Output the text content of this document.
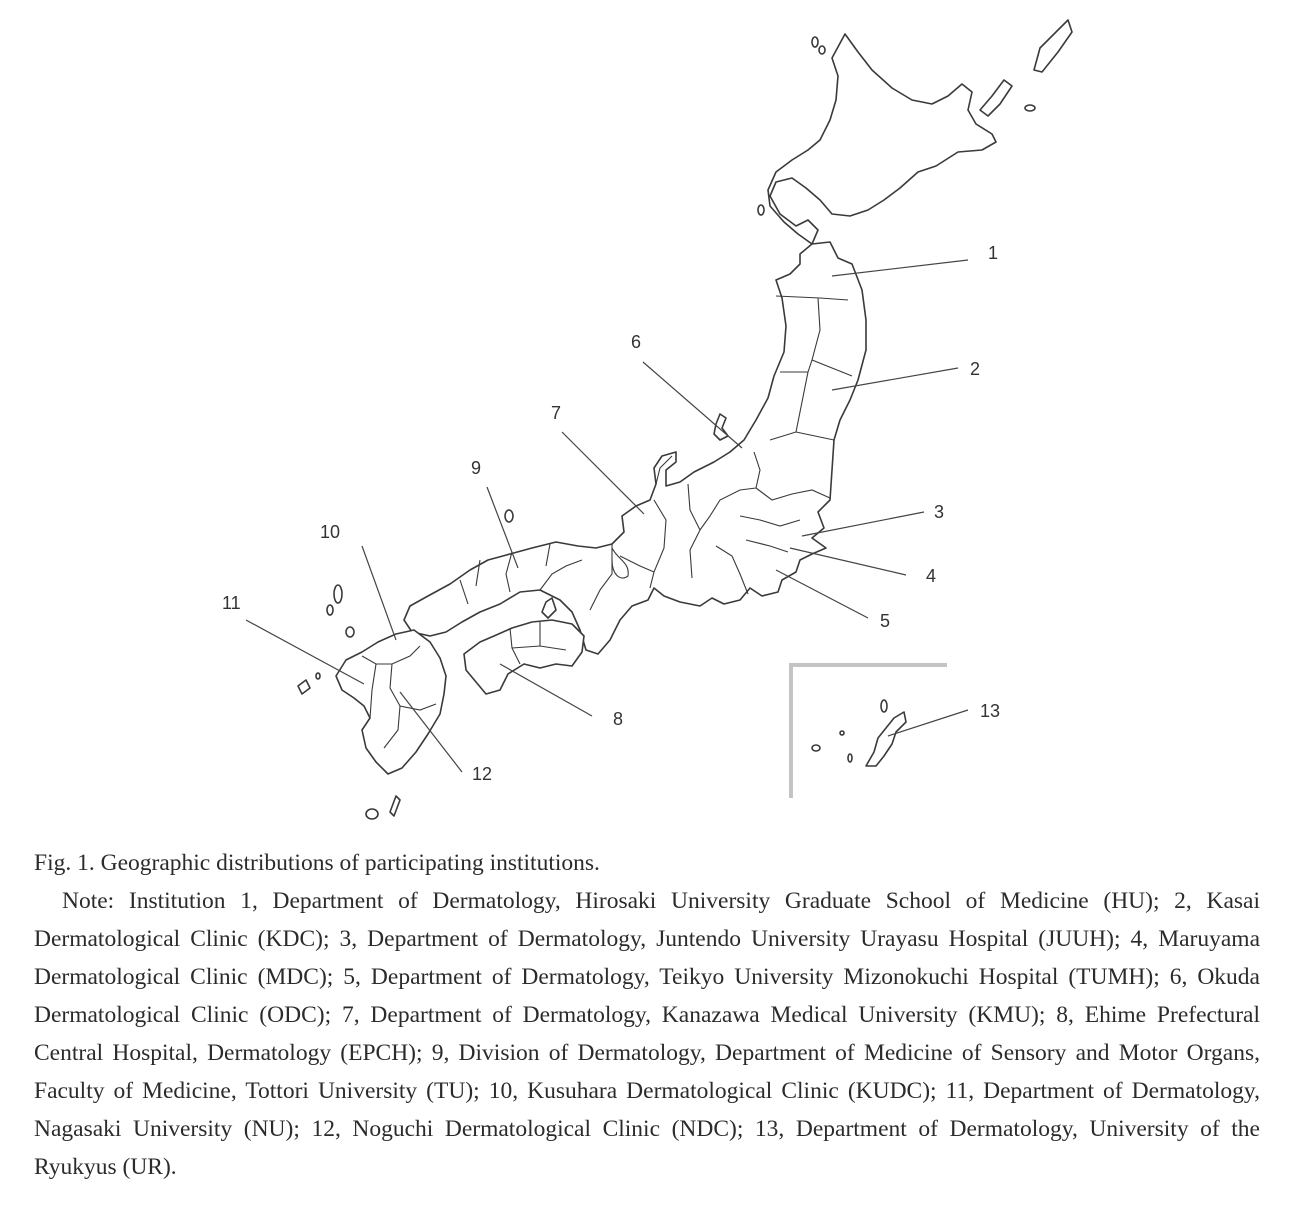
1
2
3
4
5
6
7
8
9
10
11
12
13

Fig. 1. Geographic distributions of participating institutions.

Note: Institution 1, Department of Dermatology, Hirosaki University Graduate School of Medicine (HU); 2, Kasai Dermatological Clinic (KDC); 3, Department of Dermatology, Juntendo University Urayasu Hospital (JUUH); 4, Maruyama Dermatological Clinic (MDC); 5, Department of Dermatology, Teikyo University Mizonokuchi Hospital (TUMH); 6, Okuda Dermatological Clinic (ODC); 7, Department of Dermatology, Kanazawa Medical University (KMU); 8, Ehime Prefectural Central Hospital, Dermatology (EPCH); 9, Division of Dermatology, Department of Medicine of Sensory and Motor Organs, Faculty of Medicine, Tottori University (TU); 10, Kusuhara Dermatological Clinic (KUDC); 11, Department of Dermatology, Nagasaki University (NU); 12, Noguchi Dermatological Clinic (NDC); 13, Department of Dermatology, University of the Ryukyus (UR).
